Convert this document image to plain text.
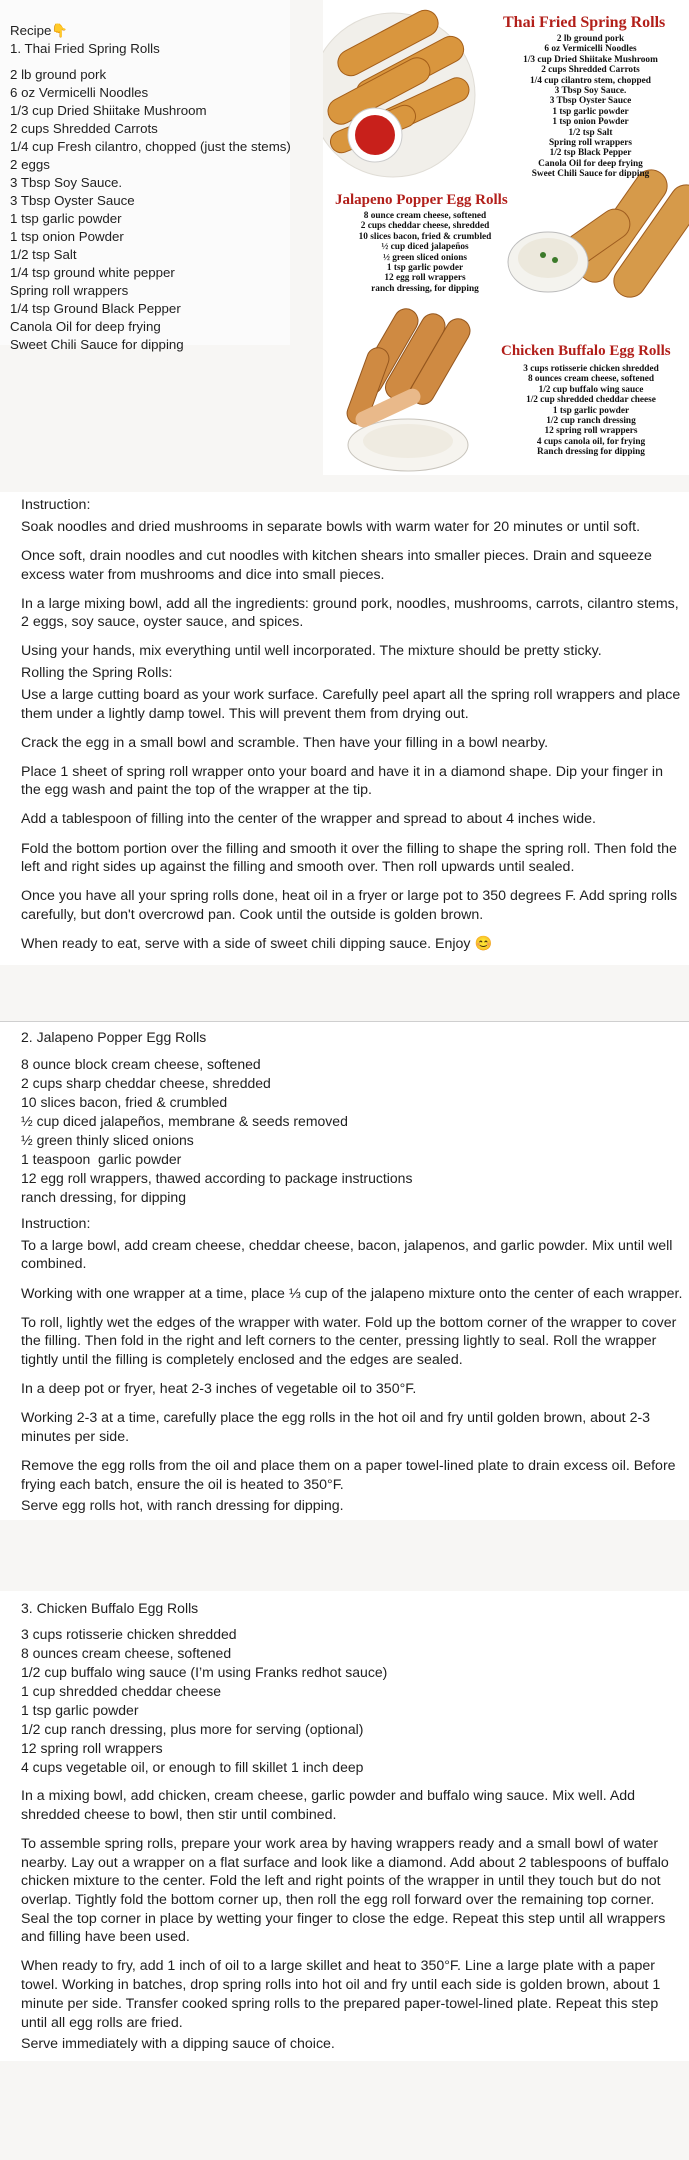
Recipe👇
1. Thai Fried Spring Rolls
2 lb ground pork
6 oz Vermicelli Noodles
1/3 cup Dried Shiitake Mushroom
2 cups Shredded Carrots
1/4 cup Fresh cilantro, chopped (just the stems)
2 eggs
3 Tbsp Soy Sauce.
3 Tbsp Oyster Sauce
1 tsp garlic powder
1 tsp onion Powder
1/2 tsp Salt
1/4 tsp ground white pepper
Spring roll wrappers
1/4 tsp Ground Black Pepper
Canola Oil for deep frying
Sweet Chili Sauce for dipping
Thai Fried Spring Rolls
2 lb ground pork
6 oz Vermicelli Noodles
1/3 cup Dried Shiitake Mushroom
2 cups Shredded Carrots
1/4 cup cilantro stem, chopped
3 Tbsp Soy Sauce.
3 Tbsp Oyster Sauce
1 tsp garlic powder
1 tsp onion Powder
1/2 tsp Salt
Spring roll wrappers
1/2 tsp Black Pepper
Canola Oil for deep frying
Sweet Chili Sauce for dipping
Jalapeno Popper Egg Rolls
8 ounce cream cheese, softened
2 cups cheddar cheese, shredded
10 slices bacon, fried & crumbled
½ cup diced jalapeños
½ green sliced onions
1 tsp garlic powder
12 egg roll wrappers
ranch dressing, for dipping
Chicken Buffalo Egg Rolls
3 cups rotisserie chicken shredded
8 ounces cream cheese, softened
1/2 cup buffalo wing sauce
1/2 cup shredded cheddar cheese
1 tsp garlic powder
1/2 cup ranch dressing
12 spring roll wrappers
4 cups canola oil, for frying
Ranch dressing for dipping
Instruction:
Soak noodles and dried mushrooms in separate bowls with warm water for 20 minutes or until soft.
Once soft, drain noodles and cut noodles with kitchen shears into smaller pieces. Drain and squeeze excess water from mushrooms and dice into small pieces.
In a large mixing bowl, add all the ingredients: ground pork, noodles, mushrooms, carrots, cilantro stems, 2 eggs, soy sauce, oyster sauce, and spices.
Using your hands, mix everything until well incorporated. The mixture should be pretty sticky.
Rolling the Spring Rolls:
Use a large cutting board as your work surface. Carefully peel apart all the spring roll wrappers and place them under a lightly damp towel. This will prevent them from drying out.
Crack the egg in a small bowl and scramble. Then have your filling in a bowl nearby.
Place 1 sheet of spring roll wrapper onto your board and have it in a diamond shape. Dip your finger in the egg wash and paint the top of the wrapper at the tip.
Add a tablespoon of filling into the center of the wrapper and spread to about 4 inches wide.
Fold the bottom portion over the filling and smooth it over the filling to shape the spring roll. Then fold the left and right sides up against the filling and smooth over. Then roll upwards until sealed.
Once you have all your spring rolls done, heat oil in a fryer or large pot to 350 degrees F. Add spring rolls carefully, but don't overcrowd pan. Cook until the outside is golden brown.
When ready to eat, serve with a side of sweet chili dipping sauce. Enjoy 😊
2. Jalapeno Popper Egg Rolls
8 ounce block cream cheese, softened
2 cups sharp cheddar cheese, shredded
10 slices bacon, fried & crumbled
½ cup diced jalapeños, membrane & seeds removed
½ green thinly sliced onions
1 teaspoon  garlic powder
12 egg roll wrappers, thawed according to package instructions
ranch dressing, for dipping
Instruction:
To a large bowl, add cream cheese, cheddar cheese, bacon, jalapenos, and garlic powder. Mix until well combined.
Working with one wrapper at a time, place ⅓ cup of the jalapeno mixture onto the center of each wrapper.
To roll, lightly wet the edges of the wrapper with water. Fold up the bottom corner of the wrapper to cover the filling. Then fold in the right and left corners to the center, pressing lightly to seal. Roll the wrapper tightly until the filling is completely enclosed and the edges are sealed.
In a deep pot or fryer, heat 2-3 inches of vegetable oil to 350°F.
Working 2-3 at a time, carefully place the egg rolls in the hot oil and fry until golden brown, about 2-3 minutes per side.
Remove the egg rolls from the oil and place them on a paper towel-lined plate to drain excess oil. Before frying each batch, ensure the oil is heated to 350°F.
Serve egg rolls hot, with ranch dressing for dipping.
3. Chicken Buffalo Egg Rolls
3 cups rotisserie chicken shredded
8 ounces cream cheese, softened
1/2 cup buffalo wing sauce (I’m using Franks redhot sauce)
1 cup shredded cheddar cheese
1 tsp garlic powder
1/2 cup ranch dressing, plus more for serving (optional)
12 spring roll wrappers
4 cups vegetable oil, or enough to fill skillet 1 inch deep
In a mixing bowl, add chicken, cream cheese, garlic powder and buffalo wing sauce. Mix well. Add shredded cheese to bowl, then stir until combined.
To assemble spring rolls, prepare your work area by having wrappers ready and a small bowl of water nearby. Lay out a wrapper on a flat surface and look like a diamond. Add about 2 tablespoons of buffalo chicken mixture to the center. Fold the left and right points of the wrapper in until they touch but do not overlap. Tightly fold the bottom corner up, then roll the egg roll forward over the remaining top corner. Seal the top corner in place by wetting your finger to close the edge. Repeat this step until all wrappers and filling have been used.
When ready to fry, add 1 inch of oil to a large skillet and heat to 350°F. Line a large plate with a paper towel. Working in batches, drop spring rolls into hot oil and fry until each side is golden brown, about 1 minute per side. Transfer cooked spring rolls to the prepared paper-towel-lined plate. Repeat this step until all egg rolls are fried.
Serve immediately with a dipping sauce of choice.
